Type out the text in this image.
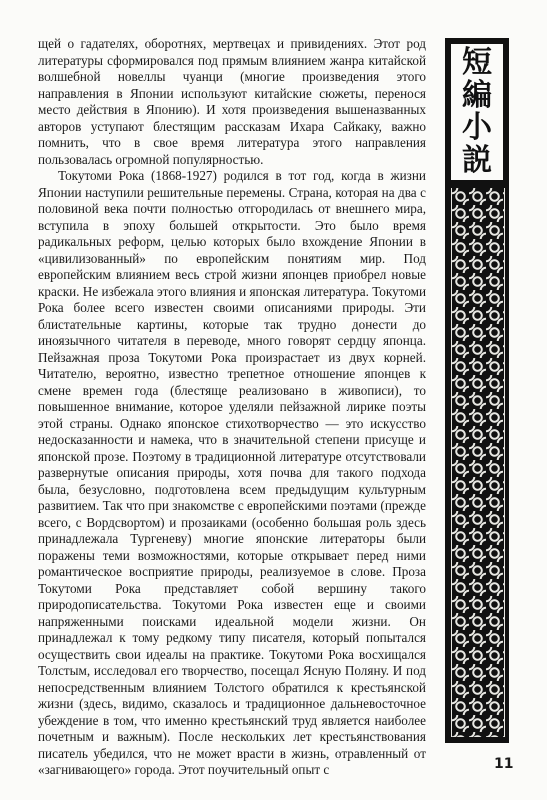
щей о гадателях, оборотнях, мертвецах и привидениях. Этот род литературы сформировался под прямым влиянием жанра китайской волшебной новеллы чуанци (многие произведения этого направления в Японии используют китайские сюжеты, перенося место действия в Японию). И хотя произведения вышеназванных авторов уступают блестящим рассказам Ихара Сайкаку, важно помнить, что в свое время литература этого направления пользовалась огромной популярностью.

Токутоми Рока (1868-1927) родился в тот год, когда в жизни Японии наступили решительные перемены. Страна, которая на два с половиной века почти полностью отгородилась от внешнего мира, вступила в эпоху большей открытости. Это было время радикальных реформ, целью которых было вхождение Японии в «цивилизованный» по европейским понятиям мир. Под европейским влиянием весь строй жизни японцев приобрел новые краски. Не избежала этого влияния и японская литература. Токутоми Рока более всего известен своими описаниями природы. Эти блистательные картины, которые так трудно донести до иноязычного читателя в переводе, много говорят сердцу японца. Пейзажная проза Токутоми Рока произрастает из двух корней. Читателю, вероятно, известно трепетное отношение японцев к смене времен года (блестяще реализовано в живописи), то повышенное внимание, которое уделяли пейзажной лирике поэты этой страны. Однако японское стихотворчество — это искусство недосказанности и намека, что в значительной степени присуще и японской прозе. Поэтому в традиционной литературе отсутствовали развернутые описания природы, хотя почва для такого подхода была, безусловно, подготовлена всем предыдущим культурным развитием. Так что при знакомстве с европейскими поэтами (прежде всего, с Вордсвортом) и прозаиками (особенно большая роль здесь принадлежала Тургеневу) многие японские литераторы были поражены теми возможностями, которые открывает перед ними романтическое восприятие природы, реализуемое в слове. Проза Токутоми Рока представляет собой вершину такого природописательства. Токутоми Рока известен еще и своими напряженными поисками идеальной модели жизни. Он принадлежал к тому редкому типу писателя, который попытался осуществить свои идеалы на практике. Токутоми Рока восхищался Толстым, исследовал его творчество, посещал Ясную Поляну. И под непосредственным влиянием Толстого обратился к крестьянской жизни (здесь, видимо, сказалось и традиционное дальневосточное убеждение в том, что именно крестьянский труд является наиболее почетным и важным). После нескольких лет крестьянствования писатель убедился, что не может врасти в жизнь, отравленный от «загнивающего» города. Этот поучительный опыт с

短
編
小
説
11
